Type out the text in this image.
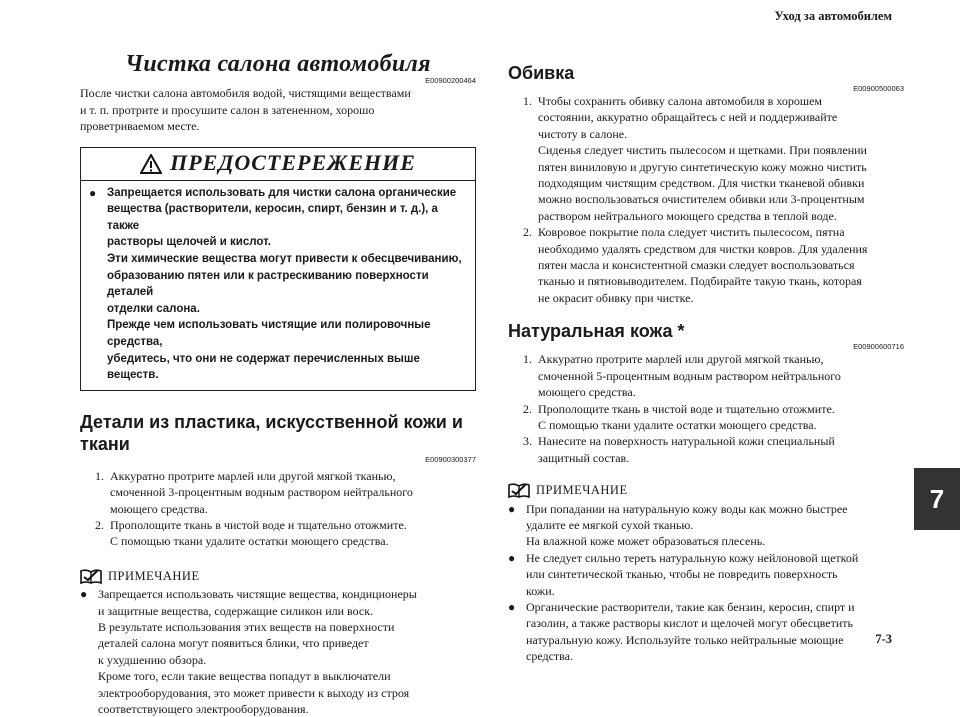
Уход за автомобилем
7
7-3
Чистка салона автомобиля
E00900200464
После чистки салона автомобиля водой, чистящими веществами
и т. п. протрите и просушите салон в затененном, хорошо
проветриваемом месте.
ПРЕДОСТЕРЕЖЕНИЕ
● Запрещается использовать для чистки салона органические
вещества (растворители, керосин, спирт, бензин и т. д.), а также
растворы щелочей и кислот.
Эти химические вещества могут привести к обесцвечиванию,
образованию пятен или к растрескиванию поверхности деталей
отделки салона.
Прежде чем использовать чистящие или полировочные средства,
убедитесь, что они не содержат перечисленных выше веществ.
Детали из пластика, искусственной кожи и ткани
E00900300377
1. Аккуратно протрите марлей или другой мягкой тканью,
смоченной 3-процентным водным раствором нейтрального
моющего средства.
2. Прополощите ткань в чистой воде и тщательно отожмите.
С помощью ткани удалите остатки моющего средства.
ПРИМЕЧАНИЕ
● Запрещается использовать чистящие вещества, кондиционеры
и защитные вещества, содержащие силикон или воск.
В результате использования этих веществ на поверхности
деталей салона могут появиться блики, что приведет
к ухудшению обзора.
Кроме того, если такие вещества попадут в выключатели
электрооборудования, это может привести к выходу из строя
соответствующего электрооборудования.
Обивка
E00900500063
1. Чтобы сохранить обивку салона автомобиля в хорошем
состоянии, аккуратно обращайтесь с ней и поддерживайте
чистоту в салоне.
Сиденья следует чистить пылесосом и щетками. При появлении
пятен виниловую и другую синтетическую кожу можно чистить
подходящим чистящим средством. Для чистки тканевой обивки
можно воспользоваться очистителем обивки или 3-процентным
раствором нейтрального моющего средства в теплой воде.
2. Ковровое покрытие пола следует чистить пылесосом, пятна
необходимо удалять средством для чистки ковров. Для удаления
пятен масла и консистентной смазки следует воспользоваться
тканью и пятновыводителем. Подбирайте такую ткань, которая
не окрасит обивку при чистке.
Натуральная кожа *
E00900600716
1. Аккуратно протрите марлей или другой мягкой тканью,
смоченной 5-процентным водным раствором нейтрального
моющего средства.
2. Прополощите ткань в чистой воде и тщательно отожмите.
С помощью ткани удалите остатки моющего средства.
3. Нанесите на поверхность натуральной кожи специальный
защитный состав.
ПРИМЕЧАНИЕ
● При попадании на натуральную кожу воды как можно быстрее
удалите ее мягкой сухой тканью.
На влажной коже может образоваться плесень.
● Не следует сильно тереть натуральную кожу нейлоновой щеткой
или синтетической тканью, чтобы не повредить поверхность
кожи.
● Органические растворители, такие как бензин, керосин, спирт и
газолин, а также растворы кислот и щелочей могут обесцветить
натуральную кожу. Используйте только нейтральные моющие
средства.
